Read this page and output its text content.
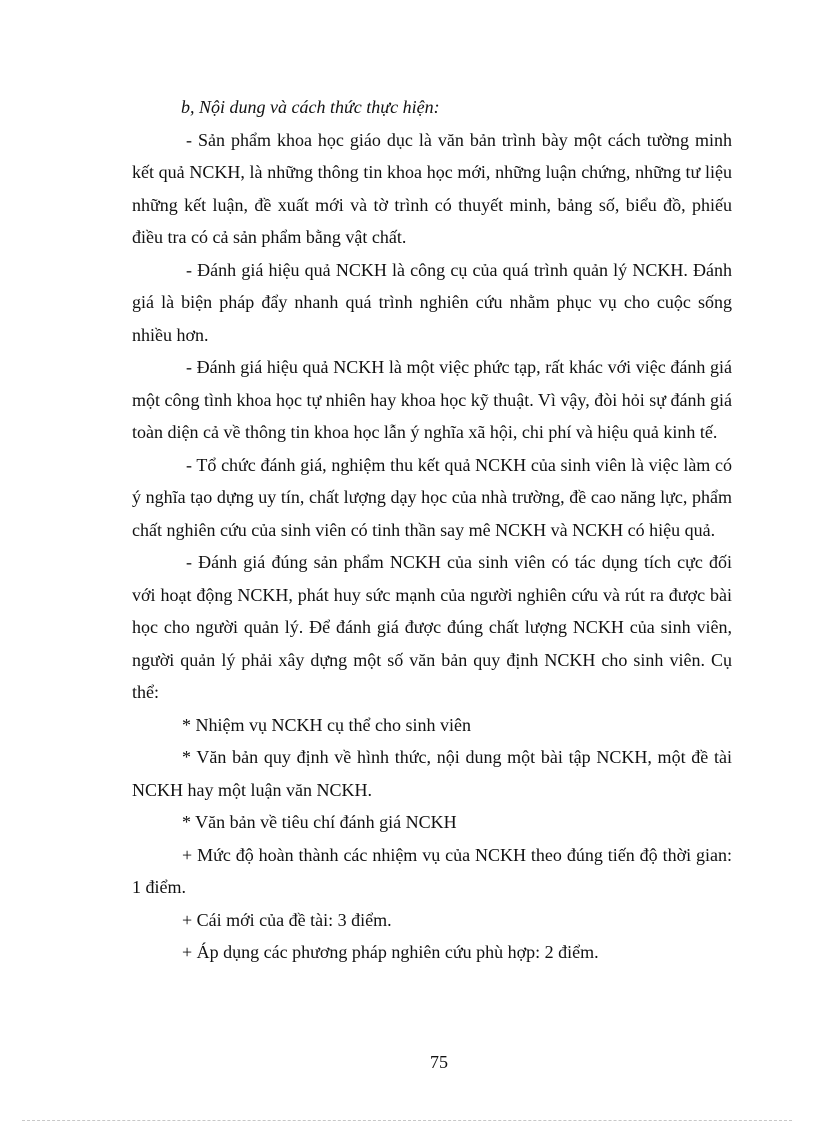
b, Nội dung và cách thức thực hiện:

- Sản phẩm khoa học giáo dục là văn bản trình bày một cách tường minh kết quả NCKH, là những thông tin khoa học mới, những luận chứng, những tư liệu những kết luận, đề xuất mới và tờ trình có thuyết minh, bảng số, biểu đồ, phiếu điều tra có cả sản phẩm bằng vật chất.

- Đánh giá hiệu quả NCKH là công cụ của quá trình quản lý NCKH. Đánh giá là biện pháp đẩy nhanh quá trình nghiên cứu nhằm phục vụ cho cuộc sống nhiều hơn.

- Đánh giá hiệu quả NCKH là một việc phức tạp, rất khác với việc đánh giá một công tình khoa học tự nhiên hay khoa học kỹ thuật. Vì vậy, đòi hỏi sự đánh giá toàn diện cả về thông tin khoa học lẫn ý nghĩa xã hội, chi phí và hiệu quả kinh tế.

- Tổ chức đánh giá, nghiệm thu kết quả NCKH của sinh viên là việc làm có ý nghĩa tạo dựng uy tín, chất lượng dạy học của nhà trường, đề cao năng lực, phẩm chất nghiên cứu của sinh viên có tinh thần say mê NCKH và NCKH có hiệu quả.

- Đánh giá đúng sản phẩm NCKH của sinh viên có tác dụng tích cực đối với hoạt động NCKH, phát huy sức mạnh của người nghiên cứu và rút ra được bài học cho người quản lý. Để đánh giá được đúng chất lượng NCKH của sinh viên, người quản lý phải xây dựng một số văn bản quy định NCKH cho sinh viên. Cụ thể:

* Nhiệm vụ NCKH cụ thể cho sinh viên

* Văn bản quy định về hình thức, nội dung một bài tập NCKH, một đề tài NCKH hay một luận văn NCKH.

* Văn bản về tiêu chí đánh giá NCKH

+ Mức độ hoàn thành các nhiệm vụ của NCKH theo đúng tiến độ thời gian: 1 điểm.

+ Cái mới của đề tài: 3 điểm.

+ Áp dụng các phương pháp nghiên cứu phù hợp: 2 điểm.

75
